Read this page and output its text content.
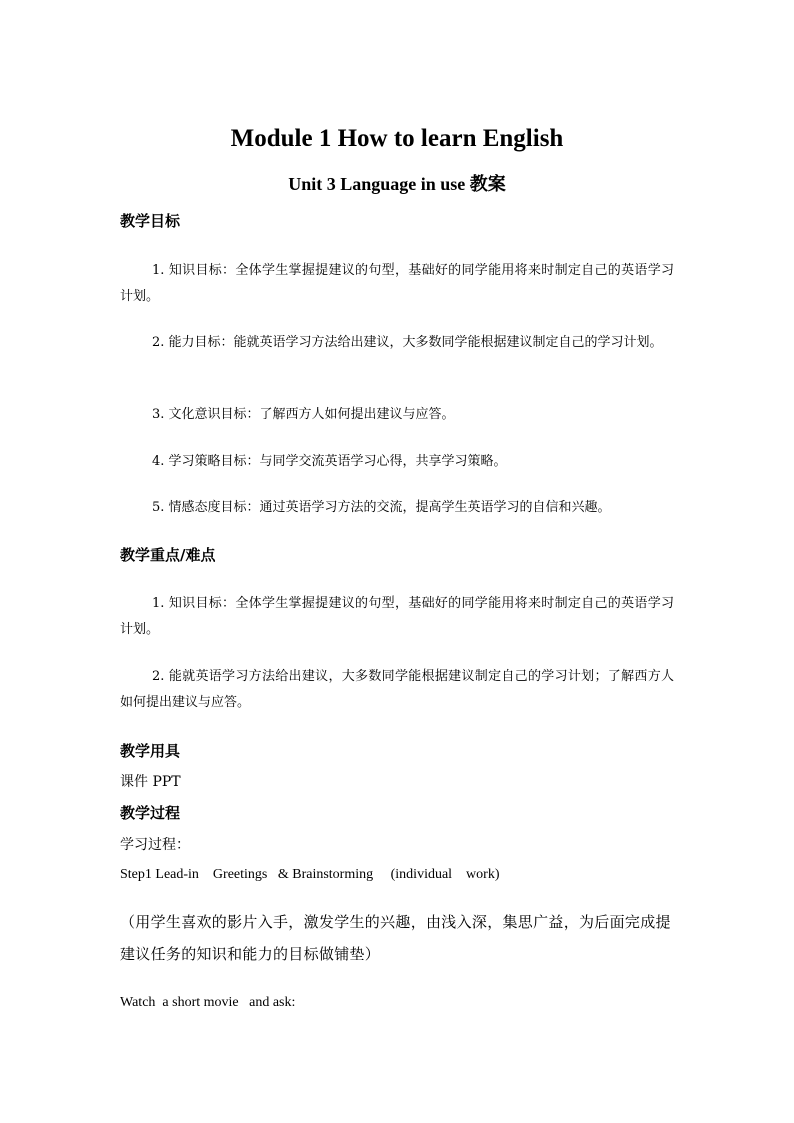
Module 1 How to learn English
Unit 3 Language in use 教案
教学目标
1. 知识目标：全体学生掌握提建议的句型，基础好的同学能用将来时制定自己的英语学习计划。
2. 能力目标：能就英语学习方法给出建议，大多数同学能根据建议制定自己的学习计划。
3. 文化意识目标：了解西方人如何提出建议与应答。
4. 学习策略目标：与同学交流英语学习心得，共享学习策略。
5. 情感态度目标：通过英语学习方法的交流，提高学生英语学习的自信和兴趣。
教学重点/难点
1. 知识目标：全体学生掌握提建议的句型，基础好的同学能用将来时制定自己的英语学习计划。
2. 能就英语学习方法给出建议，大多数同学能根据建议制定自己的学习计划；了解西方人如何提出建议与应答。
教学用具
课件 PPT
教学过程
学习过程：
Step1 Lead-in    Greetings   & Brainstorming     (individual    work)
（用学生喜欢的影片入手，激发学生的兴趣，由浅入深，集思广益，为后面完成提建议任务的知识和能力的目标做铺垫）
Watch  a short movie   and ask:
